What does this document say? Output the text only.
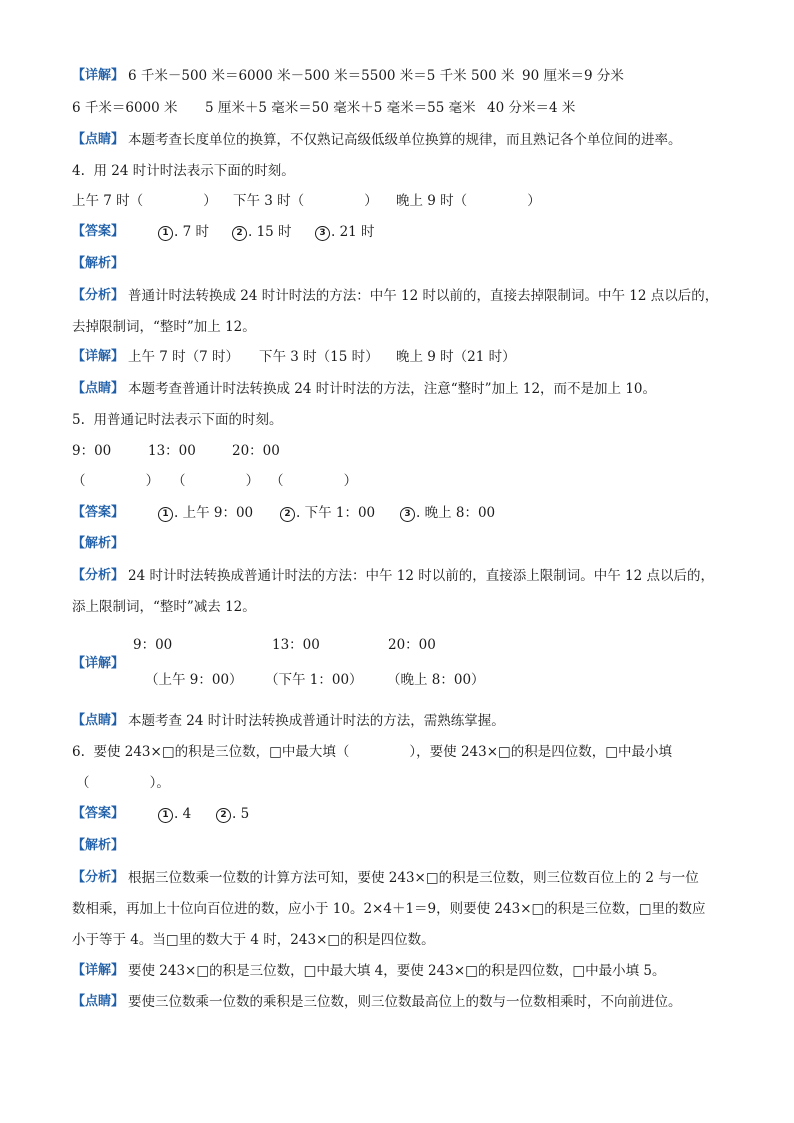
【详解】 6 千米－500 米＝6000 米－500 米＝5500 米＝5 千米 500 米 90 厘米＝9 分米
6 千米＝6000 米 5 厘米＋5 毫米＝50 毫米＋5 毫米＝55 毫米 40 分米＝4 米
【点睛】 本题考查长度单位的换算，不仅熟记高级低级单位换算的规律，而且熟记各个单位间的进率。
4.  用 24 时计时法表示下面的时刻。
上午 7 时（              ） 下午 3 时（              ） 晚上 9 时（              ）
【答案】	1 . 7 时	2 . 15 时	3 . 21 时
【解析】
【分析】 普通计时法转换成 24 时计时法的方法：中午 12 时以前的，直接去掉限制词。中午 12 点以后的，
去掉限制词，“整时”加上 12。
【详解】 上午 7 时（7 时） 下午 3 时（15 时） 晚上 9 时（21 时）
【点睛】 本题考查普通计时法转换成 24 时计时法的方法，注意“整时”加上 12，而不是加上 10。
5.  用普通记时法表示下面的时刻。
9：00	13：00	20：00
（              ） （              ） （              ）
【答案】	1 . 上午 9：00	2 . 下午 1：00	3 . 晚上 8：00
【解析】
【分析】 24 时计时法转换成普通计时法的方法：中午 12 时以前的，直接添上限制词。中午 12 点以后的，
添上限制词，“整时”减去 12。
9：00	13：00	20：00
【详解】
（上午 9：00） （下午 1：00） （晚上 8：00）
【点睛】 本题考查 24 时计时法转换成普通计时法的方法，需熟练掌握。
6.  要使 243×□的积是三位数，□中最大填（              ），要使 243×□的积是四位数，□中最小填
（              ）。
【答案】	1 . 4	2 . 5
【解析】
【分析】 根据三位数乘一位数的计算方法可知，要使 243×□的积是三位数，则三位数百位上的 2 与一位
数相乘，再加上十位向百位进的数，应小于 10。2×4＋1＝9，则要使 243×□的积是三位数，□里的数应
小于等于 4。当□里的数大于 4 时，243×□的积是四位数。
【详解】 要使 243×□的积是三位数，□中最大填 4，要使 243×□的积是四位数，□中最小填 5。
【点睛】 要使三位数乘一位数的乘积是三位数，则三位数最高位上的数与一位数相乘时，不向前进位。
